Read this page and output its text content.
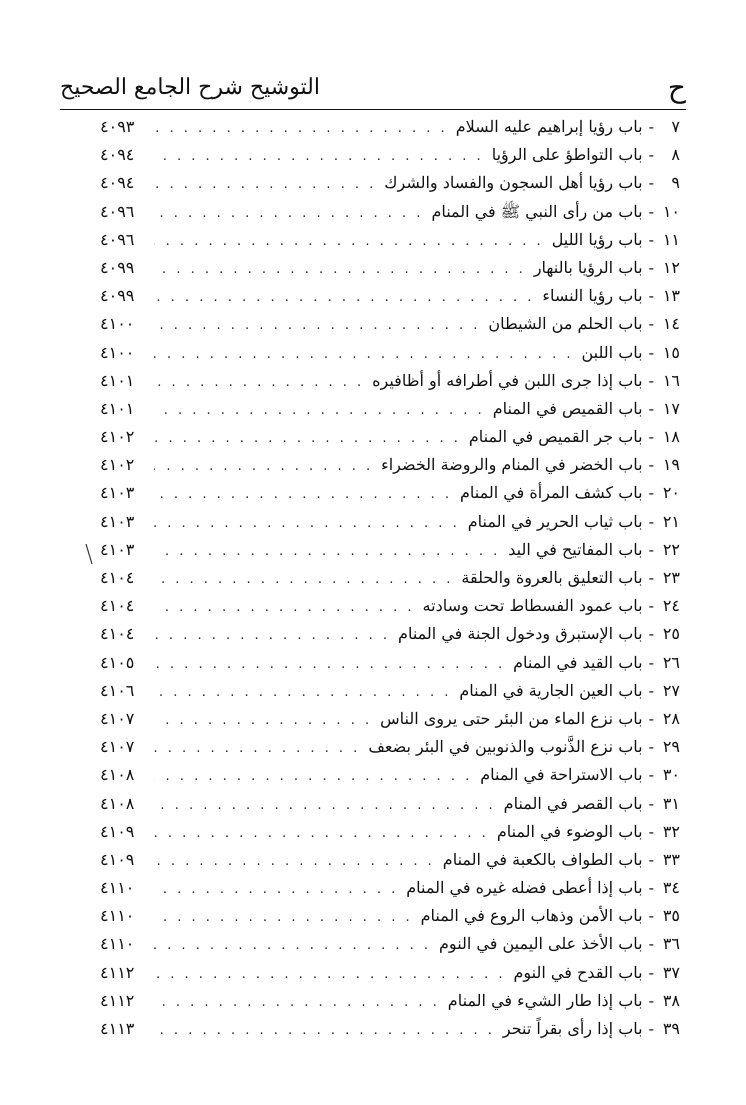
ح
التوشيح شرح الجامع الصحيح
٧
-
باب رؤيا إبراهيم عليه السلام
. . .
٤٠٩٣
٨
-
باب التواطؤ على الرؤيا
. . .
٤٠٩٤
٩
-
باب رؤيا أهل السجون والفساد والشرك
. . .
٤٠٩٤
١٠
-
باب من رأى النبي ﷺ في المنام
. . .
٤٠٩٦
١١
-
باب رؤيا الليل
. . .
٤٠٩٦
١٢
-
باب الرؤيا بالنهار
. . .
٤٠٩٩
١٣
-
باب رؤيا النساء
. . .
٤٠٩٩
١٤
-
باب الحلم من الشيطان
. . .
٤١٠٠
١٥
-
باب اللبن
. . .
٤١٠٠
١٦
-
باب إذا جرى اللبن في أطرافه أو أظافيره
. . .
٤١٠١
١٧
-
باب القميص في المنام
. . .
٤١٠١
١٨
-
باب جر القميص في المنام
. . .
٤١٠٢
١٩
-
باب الخضر في المنام والروضة الخضراء
. . .
٤١٠٢
٢٠
-
باب كشف المرأة في المنام
. . .
٤١٠٣
٢١
-
باب ثياب الحرير في المنام
. . .
٤١٠٣
٢٢
-
باب المفاتيح في اليد
. . .
٤١٠٣
٢٣
-
باب التعليق بالعروة والحلقة
. . .
٤١٠٤
٢٤
-
باب عمود الفسطاط تحت وسادته
. . .
٤١٠٤
٢٥
-
باب الإستبرق ودخول الجنة في المنام
. . .
٤١٠٤
٢٦
-
باب القيد في المنام
. . .
٤١٠٥
٢٧
-
باب العين الجارية في المنام
. . .
٤١٠٦
٢٨
-
باب نزع الماء من البئر حتى يروى الناس
. . .
٤١٠٧
٢٩
-
باب نزع الذَّنوب والذنوبين في البئر بضعف
. . .
٤١٠٧
٣٠
-
باب الاستراحة في المنام
. . .
٤١٠٨
٣١
-
باب القصر في المنام
. . .
٤١٠٨
٣٢
-
باب الوضوء في المنام
. . .
٤١٠٩
٣٣
-
باب الطواف بالكعبة في المنام
. . .
٤١٠٩
٣٤
-
باب إذا أعطى فضله غيره في المنام
. . .
٤١١٠
٣٥
-
باب الأمن وذهاب الروع في المنام
. . .
٤١١٠
٣٦
-
باب الأخذ على اليمين في النوم
. . .
٤١١٠
٣٧
-
باب القدح في النوم
. . .
٤١١٢
٣٨
-
باب إذا طار الشيء في المنام
. . .
٤١١٢
٣٩
-
باب إذا رأى بقراً تنحر
. . .
٤١١٣
